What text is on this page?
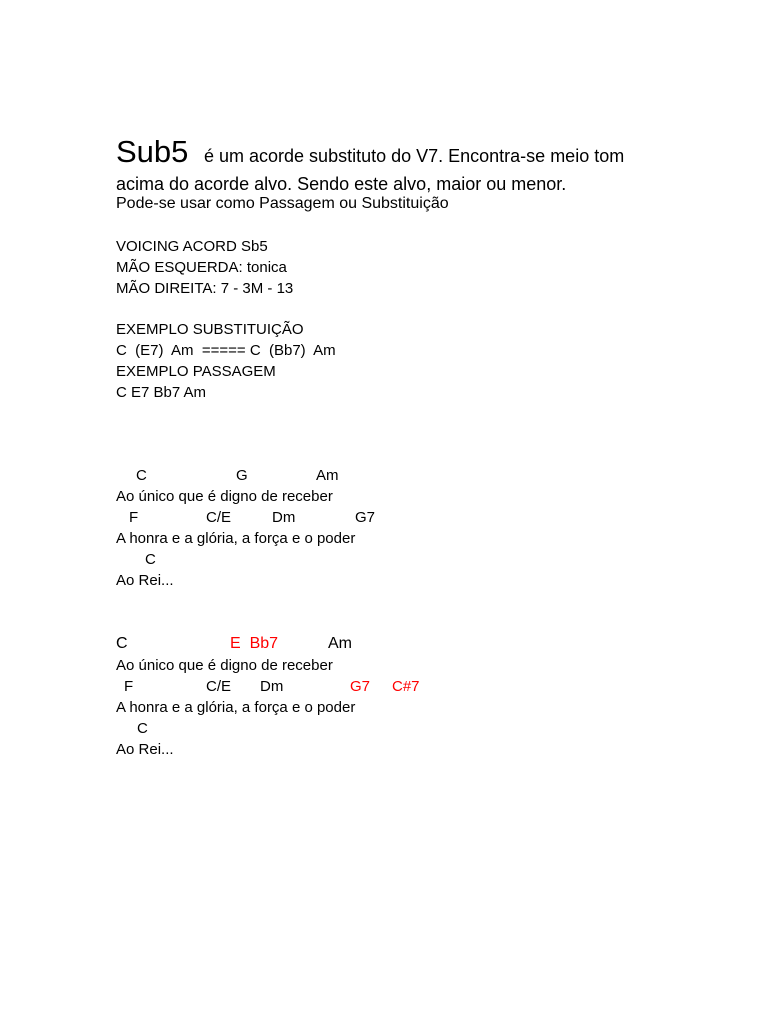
Sub5 é um acorde substituto do V7. Encontra-se meio tom
acima do acorde alvo. Sendo este alvo, maior ou menor.
Pode-se usar como Passagem ou Substituição
VOICING ACORD Sb5
MÃO ESQUERDA: tonica
MÃO DIREITA: 7 - 3M - 13
EXEMPLO SUBSTITUIÇÃO
C  (E7)  Am  ===== C  (Bb7)  Am
EXEMPLO PASSAGEM
C E7 Bb7 Am
C	G	Am
Ao único que é digno de receber
F	C/E	Dm	G7
A honra e a glória, a força e o poder
C
Ao Rei...
C	E  Bb7	Am
Ao único que é digno de receber
F	C/E Dm	G7 C#7
A honra e a glória, a força e o poder
C
Ao Rei...
